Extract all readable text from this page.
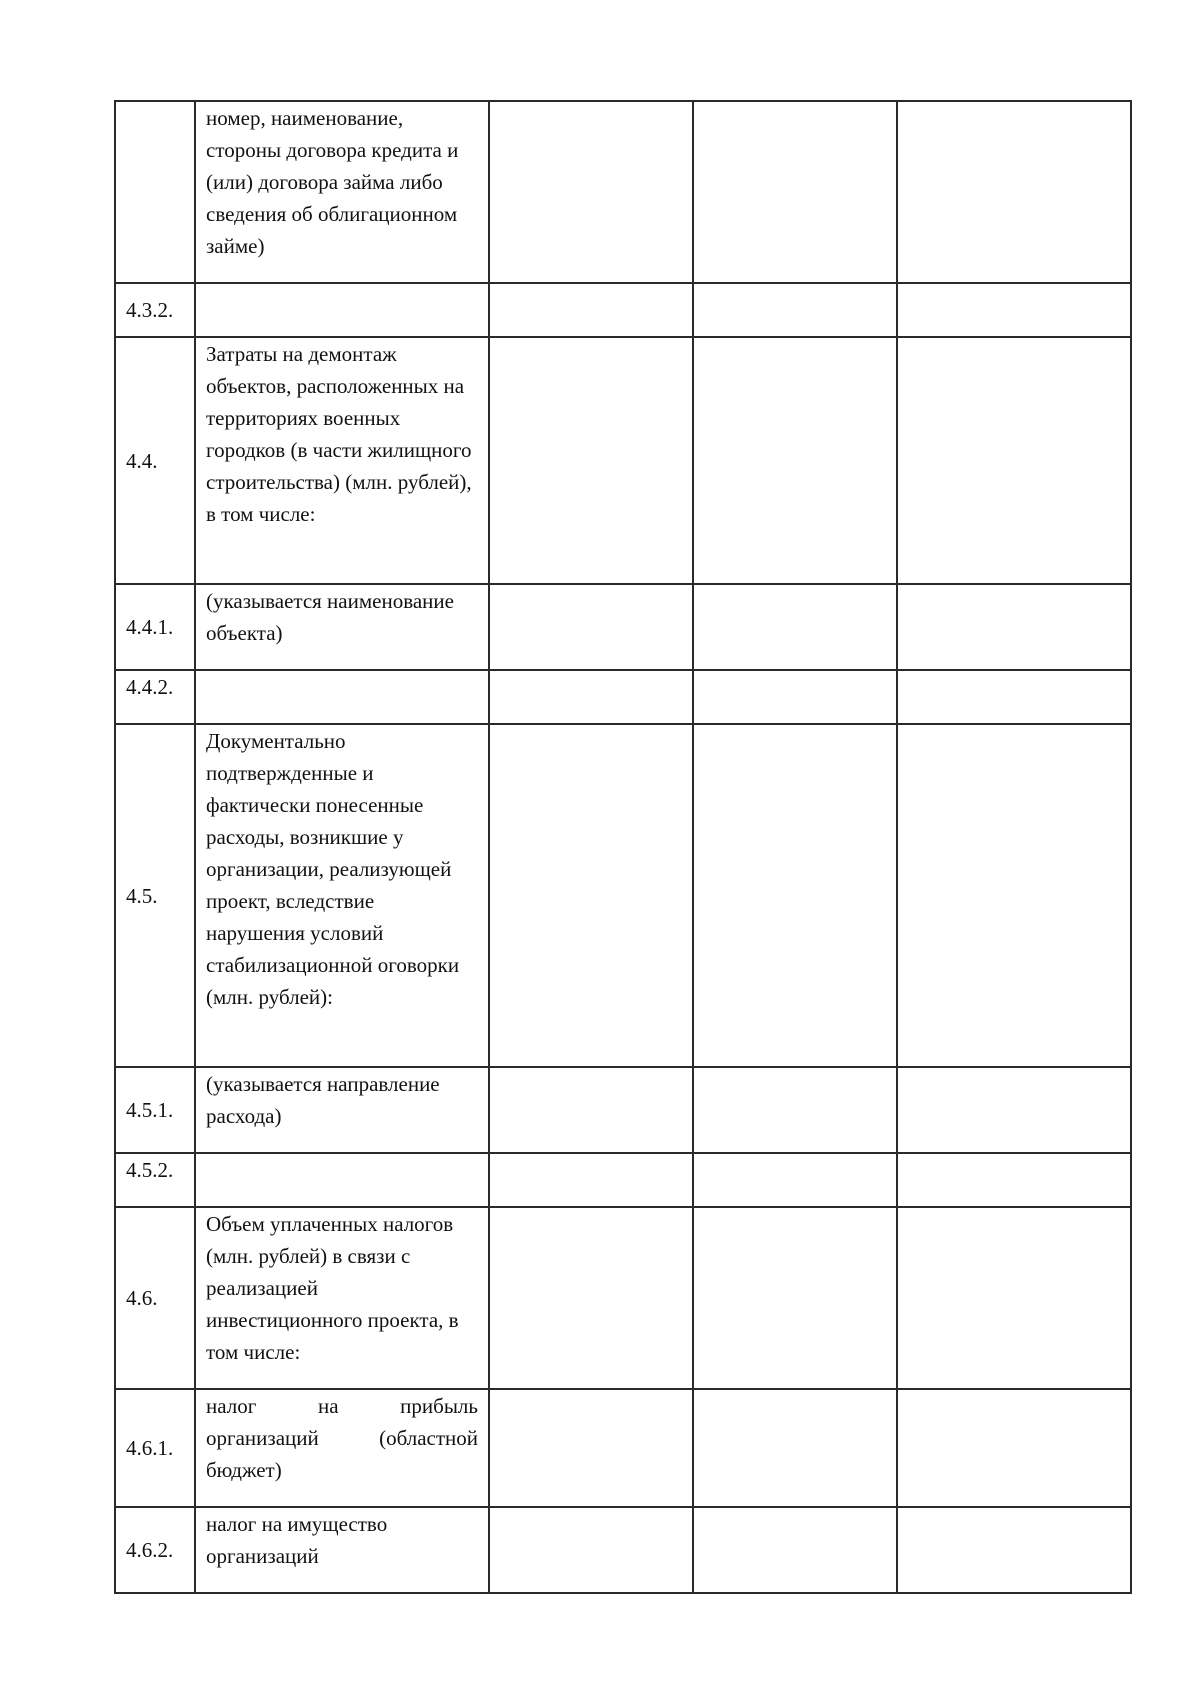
	номер, наименование, стороны договора кредита и (или) договора займа либо сведения об облигационном займе)			

4.3.2.	

4.4.	Затраты на демонтаж объектов, расположенных на территориях военных городков (в части жилищного строительства) (млн. рублей), в том числе:			

4.4.1.	(указывается наименование объекта)			

4.4.2.	

4.5.	Документально подтвержденные и фактически понесенные расходы, возникшие у организации, реализующей проект, вследствие нарушения условий стабилизационной оговорки (млн. рублей):			

4.5.1.	(указывается направление расхода)			

4.5.2.	

4.6.	Объем уплаченных налогов (млн. рублей) в связи с реализацией инвестиционного проекта, в том числе:			

4.6.1.	налог на прибыль организаций (областной бюджет)			

4.6.2.	налог на имущество организаций			
